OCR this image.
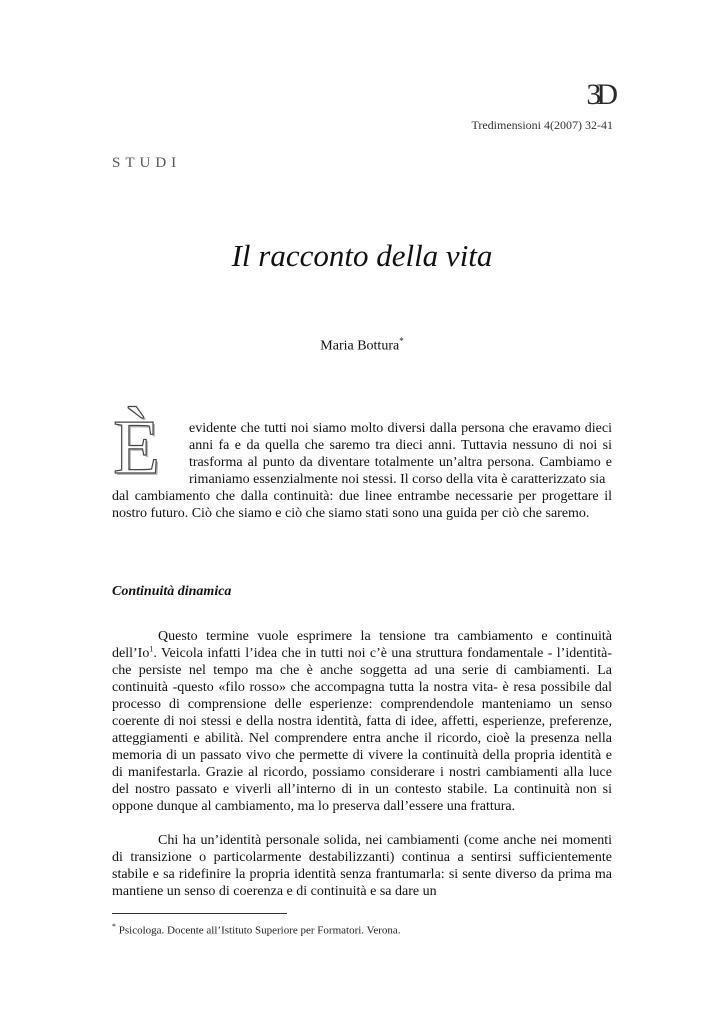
3D
Tredimensioni 4(2007) 32-41
STUDI
Il racconto della vita
Maria Bottura*
È evidente che tutti noi siamo molto diversi dalla persona che eravamo dieci anni fa e da quella che saremo tra dieci anni. Tuttavia nessuno di noi si trasforma al punto da diventare totalmente un’altra persona. Cambiamo e rimaniamo essenzialmente noi stessi. Il corso della vita è caratterizzato sia
dal cambiamento che dalla continuità: due linee entrambe necessarie per progettare il nostro futuro. Ciò che siamo e ciò che siamo stati sono una guida per ciò che saremo.
Continuità dinamica

Questo termine vuole esprimere la tensione tra cambiamento e continuità dell’Io$^1$. Veicola infatti l’idea che in tutti noi c’è una struttura fondamentale - l’identità- che persiste nel tempo ma che è anche soggetta ad una serie di cambiamenti. La continuità -questo «filo rosso» che accompagna tutta la nostra vita- è resa possibile dal processo di comprensione delle esperienze: comprendendole manteniamo un senso coerente di noi stessi e della nostra identità, fatta di idee, affetti, esperienze, preferenze, atteggiamenti e abilità. Nel comprendere entra anche il ricordo, cioè la presenza nella memoria di un passato vivo che permette di vivere la continuità della propria identità e di manifestarla. Grazie al ricordo, possiamo considerare i nostri cambiamenti alla luce del nostro passato e viverli all’interno di in un contesto stabile. La continuità non si oppone dunque al cambiamento, ma lo preserva dall’essere una frattura.

Chi ha un’identità personale solida, nei cambiamenti (come anche nei momenti di transizione o particolarmente destabilizzanti) continua a sentirsi sufficientemente stabile e sa ridefinire la propria identità senza frantumarla: si sente diverso da prima ma mantiene un senso di coerenza e di continuità e sa dare un

* Psicologa. Docente all’Istituto Superiore per Formatori. Verona.
